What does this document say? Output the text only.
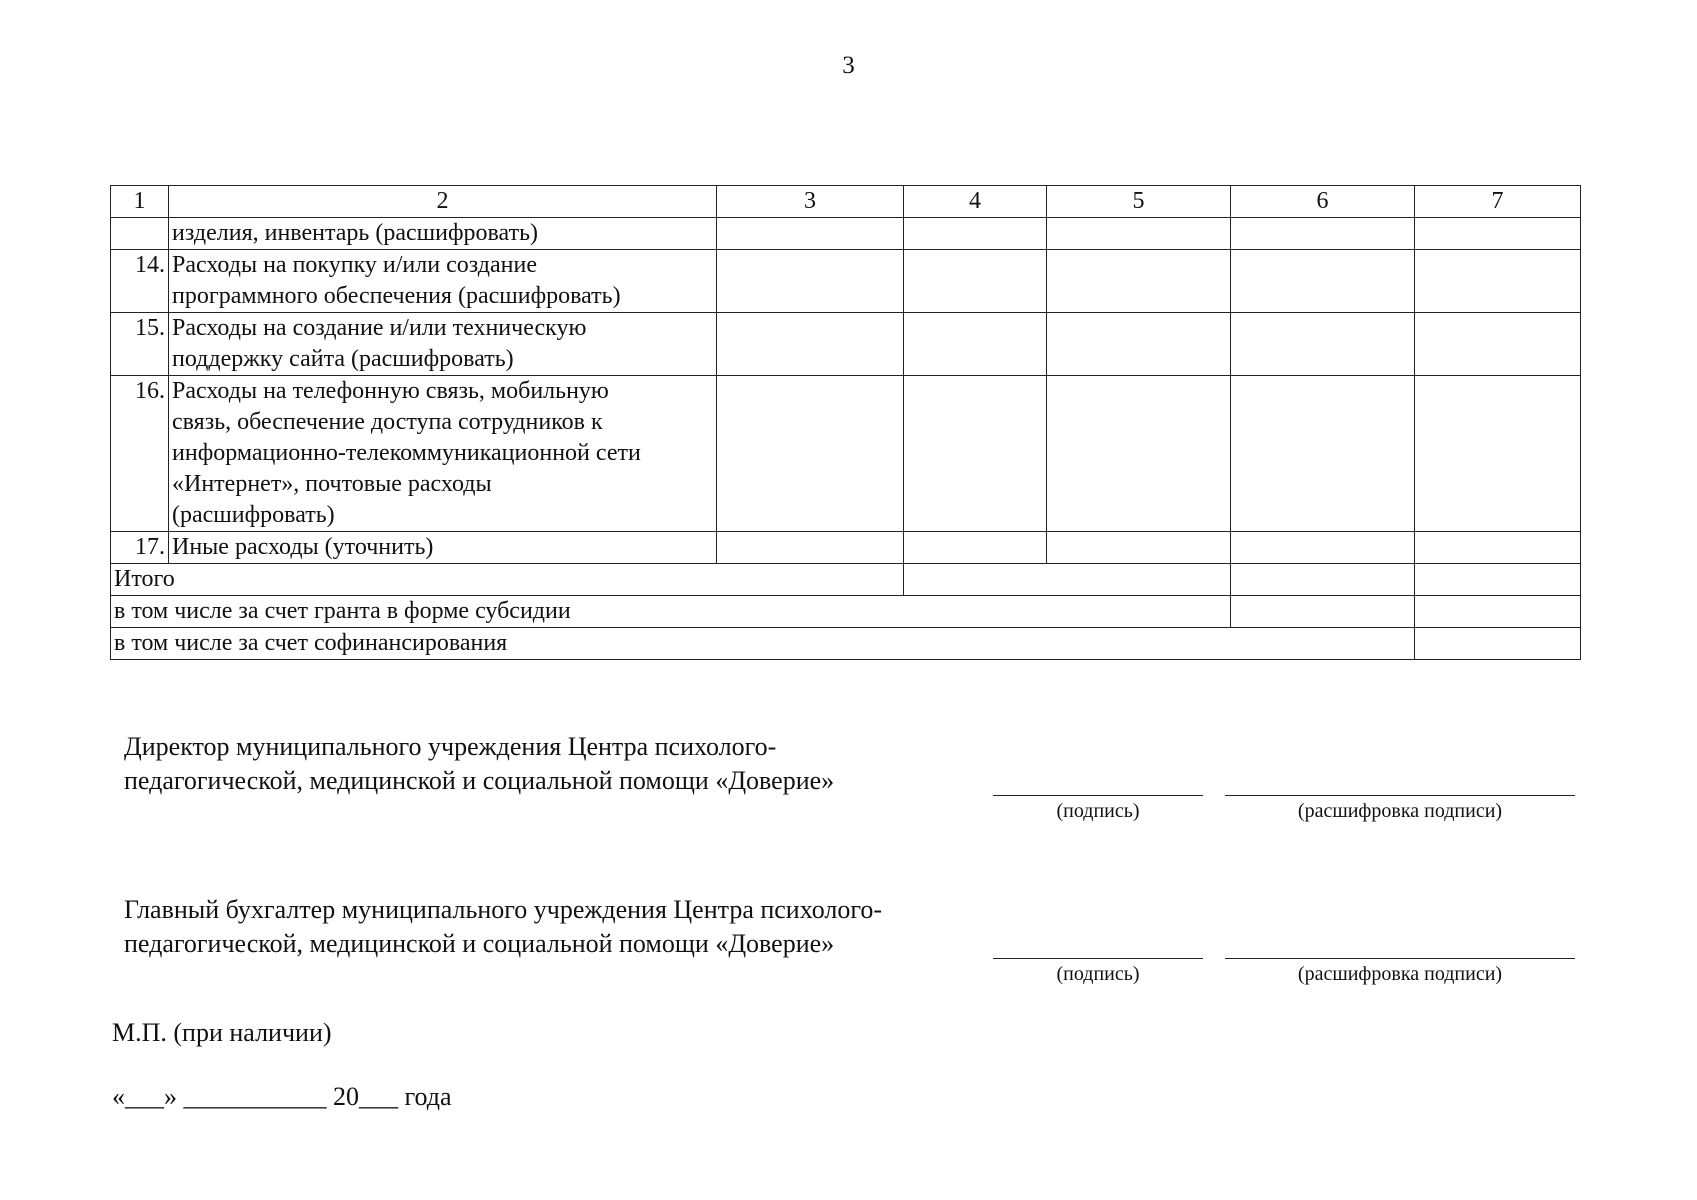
3
1	2	3	4	5	6	7

	изделия, инвентарь (расшифровать)					

14.	Расходы на покупку и/или создание
программного обеспечения (расшифровать)					

15.	Расходы на создание и/или техническую
поддержку сайта (расшифровать)					

16.	Расходы на телефонную связь, мобильную
связь, обеспечение доступа сотрудников к
информационно-телекоммуникационной сети
«Интернет», почтовые расходы
(расшифровать)					

17.	Иные расходы (уточнить)					

Итого						
в том числе за счет гранта в форме субсидии						
в том числе за счет софинансирования						
Директор муниципального учреждения Центра психолого-
педагогической, медицинской и социальной помощи «Доверие»
(подпись)	(расшифровка подписи)
Главный бухгалтер муниципального учреждения Центра психолого-
педагогической, медицинской и социальной помощи «Доверие»
(подпись)	(расшифровка подписи)
М.П. (при наличии)
«___» ___________ 20___ года
